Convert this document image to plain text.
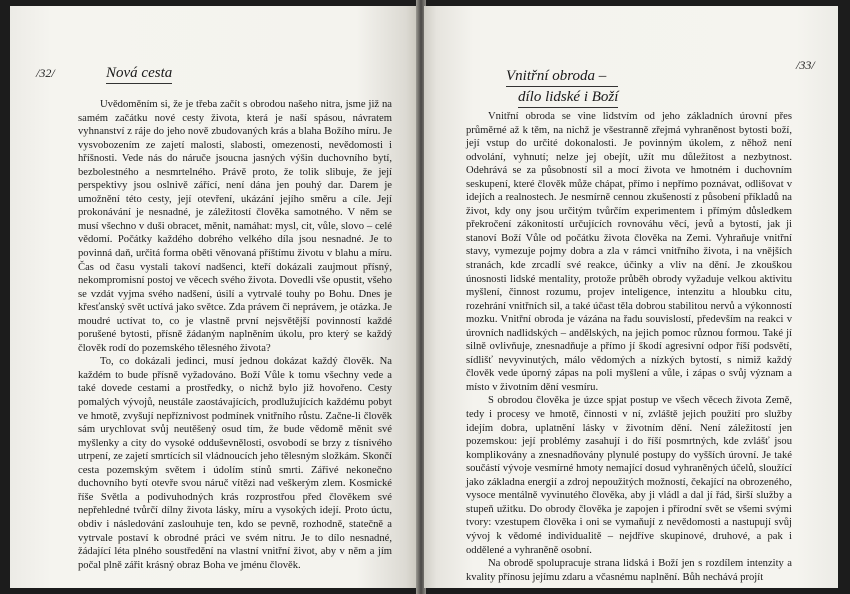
/32/	Nová cesta

Uvědoměním si, že je třeba začít s obrodou našeho nitra, jsme již na samém začátku nové cesty života, která je naší spásou, návratem vyhnanství z ráje do jeho nově zbudovaných krás a blaha Božího míru. Je vysvobozením ze zajetí malosti, slabosti, omezenosti, nevědomosti i hříšnosti. Vede nás do náruče jsoucna jasných výšin duchovního bytí, bezbolestného a nesmrtelného. Právě proto, že tolik slibuje, že její perspektivy jsou oslnivě zářící, není dána jen pouhý dar. Darem je umožnění této cesty, její otevření, ukázání jejího směru a cíle. Její prokonávání je nesnadné, je záležitostí člověka samotného. V něm se musí všechno v duši obracet, měnit, namáhat: mysl, cit, vůle, slovo – celé vědomí. Počátky každého dobrého velkého díla jsou nesnadné. Je to povinná daň, určitá forma oběti věnovaná příštímu životu v blahu a míru. Čas od času vystali takoví nadšenci, kteří dokázali zaujmout přísný, nekompromisní postoj ve věcech svého života. Dovedli vše opustit, všeho se vzdát vyjma svého nadšení, úsilí a vytrvalé touhy po Bohu. Dnes je křesťanský svět uctívá jako světce. Zda právem či neprávem, je otázka. Je moudré uctívat to, co je vlastně první nejsvětější povinností každé porušené bytosti, přísně žádaným naplněním úkolu, pro který se každý člověk rodí do pozemského tělesného života?

To, co dokázali jedinci, musí jednou dokázat každý člověk. Na každém to bude přísně vyžadováno. Boží Vůle k tomu všechny vede a také dovede cestami a prostředky, o nichž bylo již hovořeno. Cesty pomalých vývojů, neustále zaostávajících, prodlužujících každému pobyt ve hmotě, zvyšují nepříznivost podmínek vnitřního růstu. Začne-li člověk sám urychlovat svůj neutěšený osud tím, že bude vědomě měnit své myšlenky a city do vysoké odduševnělosti, osvobodí se brzy z tísnivého utrpení, ze zajetí smrtících sil vládnoucích jeho tělesným složkám. Skončí cesta pozemským světem i údolím stínů smrti. Zářivé nekonečno duchovního bytí otevře svou náruč vítězi nad veškerým zlem. Kosmické říše Světla a podivuhodných krás rozprostřou před člověkem své nepřehledné tvůrčí dílny života lásky, míru a vysokých idejí. Proto úctu, obdiv i následování zaslouhuje ten, kdo se pevně, rozhodně, statečně a vytrvale postaví k obrodné práci ve svém nitru. Je to dílo nesnadné, žádající léta plného soustředění na vlastní vnitřní život, aby v něm a jím počal plně zářit krásný obraz Boha ve jménu člověk.

/33/
Vnitřní obroda –
dílo lidské i Boží

Vnitřní obroda se vine lidstvím od jeho základních úrovní přes průměrné až k těm, na nichž je všestranně zřejmá vyhraněnost bytosti boží, její vstup do určité dokonalosti. Je povinným úkolem, z něhož není odvolání, vyhnutí; nelze jej obejít, užít mu důležitost a nezbytnost. Odehrává se za působností sil a mocí života ve hmotném i duchovním seskupení, které člověk může chápat, přímo i nepřímo poznávat, odlišovat v idejích a realnostech. Je nesmírně cennou zkušeností z působení příkladů na život, kdy ony jsou určitým tvůrčím experimentem i přímým důsledkem překročení zákonitostí určujících rovnováhu věcí, jevů a bytostí, jak ji stanoví Boží Vůle od počátku života člověka na Zemi. Vyhraňuje vnitřní stavy, vymezuje pojmy dobra a zla v rámci vnitřního života, i na vnějších stranách, kde zrcadlí své reakce, účinky a vliv na dění. Je zkouškou únosnosti lidské mentality, protože průběh obrody vyžaduje velkou aktivitu myšlení, činnost rozumu, projev inteligence, intenzitu a hloubku citu, rozehrání vnitřních sil, a také účast těla dobrou stabilitou nervů a výkonností mozku. Vnitřní obroda je vázána na řadu souvislostí, především na reakci v úrovních nadlidských – andělských, na jejich pomoc různou formou. Také jí silně ovlivňuje, znesnadňuje a přímo jí škodí agresivní odpor říší podsvětí, sídlišť nevyvinutých, málo vědomých a nízkých bytostí, s nimiž každý člověk vede úporný zápas na poli myšlení a vůle, i zápas o svůj význam a místo v životním dění vesmíru.

S obrodou člověka je úzce spjat postup ve všech věcech života Země, tedy i procesy ve hmotě, činnosti v ní, zvláště jejich použití pro služby idejím dobra, uplatnění lásky v životním dění. Není záležitostí jen pozemskou: její problémy zasahují i do říší posmrtných, kde zvlášť jsou komplikovány a znesnadňovány plynulé postupy do vyšších úrovní. Je také součástí vývoje vesmírné hmoty nemající dosud vyhraněných účelů, sloužící jako základna energií a zdroj nepoužitých možností, čekající na obrozeného, vysoce mentálně vyvinutého člověka, aby ji vládl a dal jí řád, širší služby a stupeň užitku. Do obrody člověka je zapojen i přírodní svět se všemi svými tvory: vzestupem člověka i oni se vymaňují z nevědomosti a nastupují svůj vývoj k vědomé individualitě – nejdříve skupinové, druhové, a pak i oddělené a vyhraněně osobní.

Na obrodě spolupracuje strana lidská i Boží jen s rozdílem intenzity a kvality přínosu jejímu zdaru a včasnému naplnění. Bůh nechává projít
